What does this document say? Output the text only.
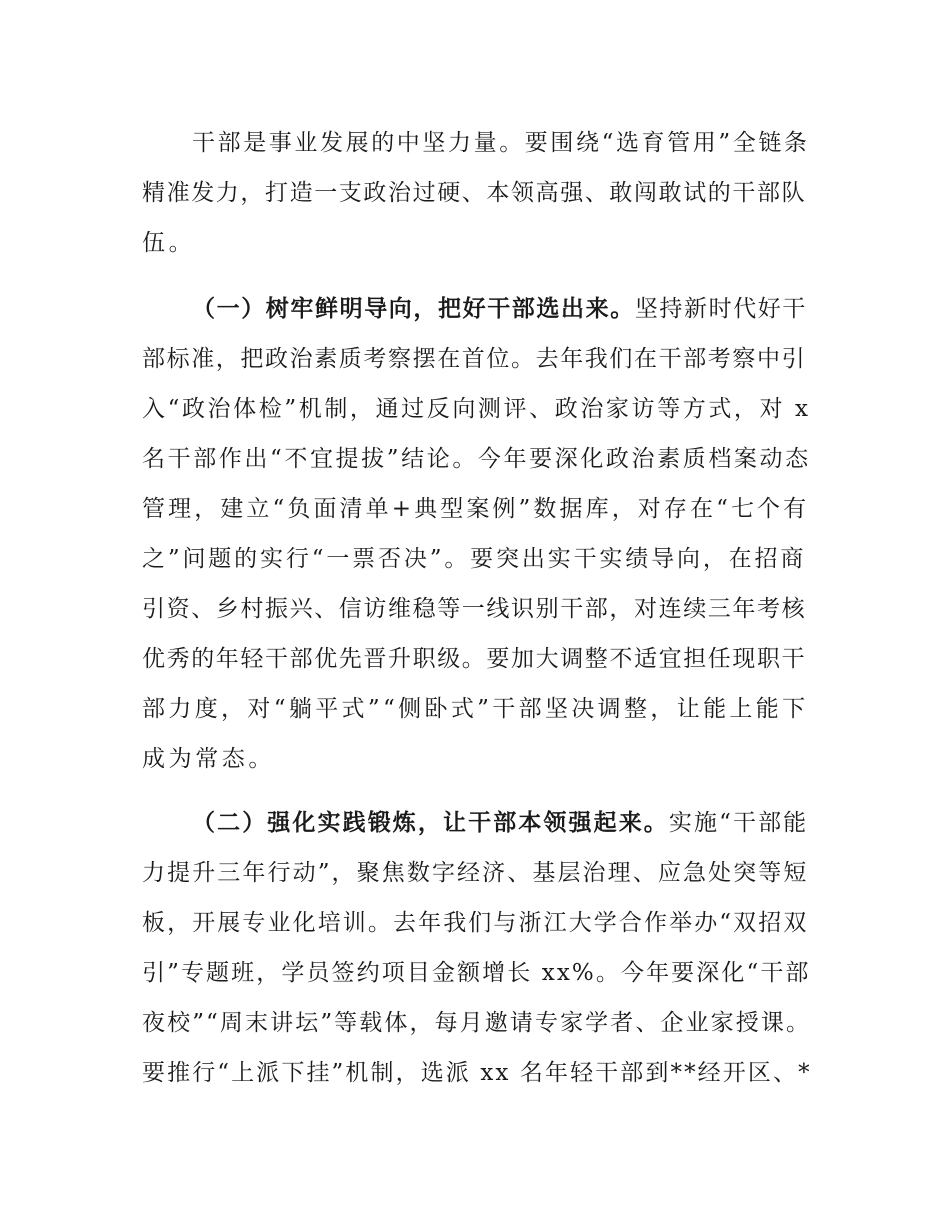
干部是事业发展的中坚力量。要围绕“选育管用”全链条
精准发力，打造一支政治过硬、本领高强、敢闯敢试的干部队
伍。
（一）树牢鲜明导向，把好干部选出来。坚持新时代好干
部标准，把政治素质考察摆在首位。去年我们在干部考察中引
入“政治体检”机制，通过反向测评、政治家访等方式，对 x
名干部作出“不宜提拔”结论。今年要深化政治素质档案动态
管理，建立“负面清单+典型案例”数据库，对存在“七个有
之”问题的实行“一票否决”。要突出实干实绩导向，在招商
引资、乡村振兴、信访维稳等一线识别干部，对连续三年考核
优秀的年轻干部优先晋升职级。要加大调整不适宜担任现职干
部力度，对“躺平式”“侧卧式”干部坚决调整，让能上能下
成为常态。
（二）强化实践锻炼，让干部本领强起来。实施“干部能
力提升三年行动”，聚焦数字经济、基层治理、应急处突等短
板，开展专业化培训。去年我们与浙江大学合作举办“双招双
引”专题班，学员签约项目金额增长 xx%。今年要深化“干部
夜校”“周末讲坛”等载体，每月邀请专家学者、企业家授课。
要推行“上派下挂”机制，选派 xx 名年轻干部到**经开区、*
